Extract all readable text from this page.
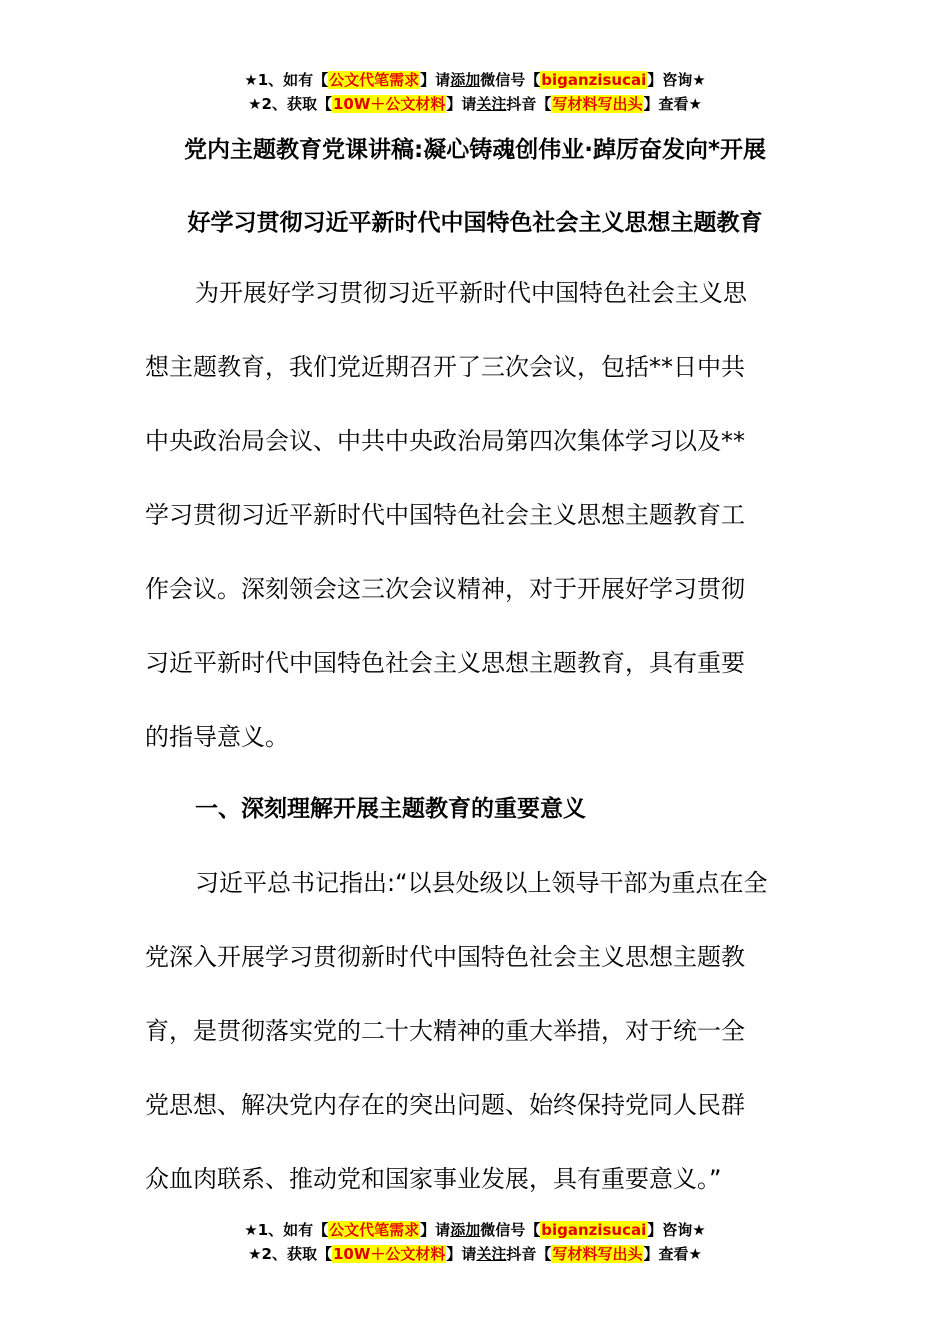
★1、如有【公文代笔需求】请添加微信号【biganzisucai】咨询★
★2、获取【10W＋公文材料】请关注抖音【写材料写出头】查看★
党内主题教育党课讲稿:凝心铸魂创伟业·踔厉奋发向*开展
好学习贯彻习近平新时代中国特色社会主义思想主题教育
为开展好学习贯彻习近平新时代中国特色社会主义思
想主题教育，我们党近期召开了三次会议，包括**日中共
中央政治局会议、中共中央政治局第四次集体学习以及**
学习贯彻习近平新时代中国特色社会主义思想主题教育工
作会议。深刻领会这三次会议精神，对于开展好学习贯彻
习近平新时代中国特色社会主义思想主题教育，具有重要
的指导意义。
一、深刻理解开展主题教育的重要意义
习近平总书记指出:“以县处级以上领导干部为重点在全
党深入开展学习贯彻新时代中国特色社会主义思想主题教
育，是贯彻落实党的二十大精神的重大举措，对于统一全
党思想、解决党内存在的突出问题、始终保持党同人民群
众血肉联系、推动党和国家事业发展，具有重要意义。”
★1、如有【公文代笔需求】请添加微信号【biganzisucai】咨询★
★2、获取【10W＋公文材料】请关注抖音【写材料写出头】查看★
